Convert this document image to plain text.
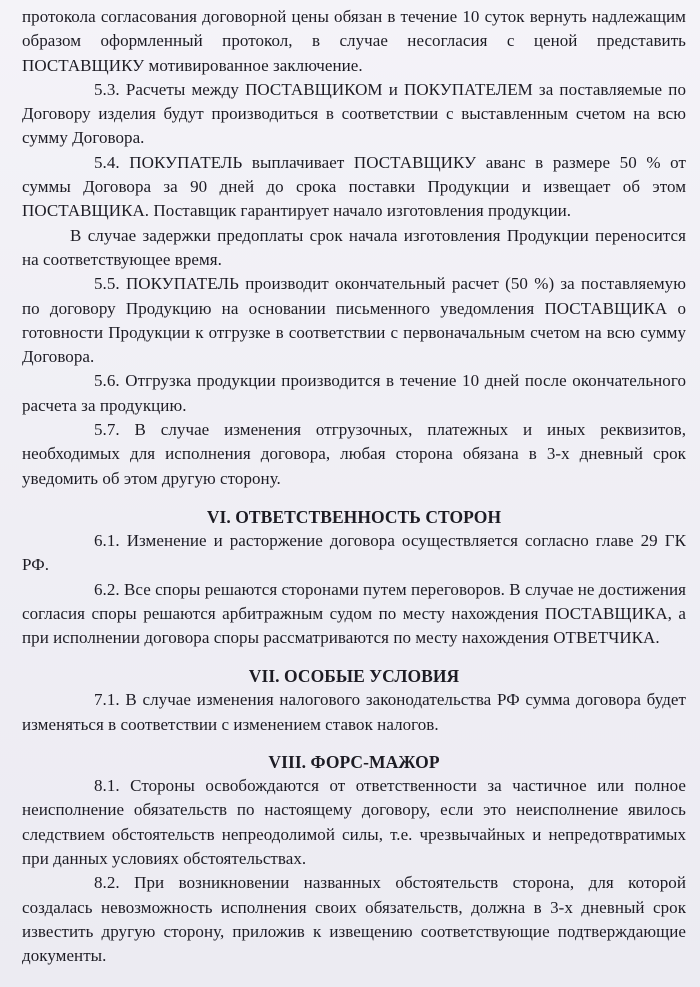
протокола согласования договорной цены обязан в течение 10 суток вернуть надлежащим образом оформленный протокол, в случае несогласия с ценой представить ПОСТАВЩИКУ мотивированное заключение.

5.3. Расчеты между ПОСТАВЩИКОМ и ПОКУПАТЕЛЕМ за поставляемые по Договору изделия будут производиться в соответствии с выставленным счетом на всю сумму Договора.

5.4. ПОКУПАТЕЛЬ выплачивает ПОСТАВЩИКУ аванс в размере 50 % от суммы Договора за 90 дней до срока поставки Продукции и извещает об этом ПОСТАВЩИКА. Поставщик гарантирует начало изготовления продукции.

В случае задержки предоплаты срок начала изготовления Продукции переносится на соответствующее время.

5.5. ПОКУПАТЕЛЬ производит окончательный расчет (50 %) за поставляемую по договору Продукцию на основании письменного уведомления ПОСТАВЩИКА о готовности Продукции к отгрузке в соответствии с первоначальным счетом на всю сумму Договора.

5.6. Отгрузка продукции производится в течение 10 дней после окончательного расчета за продукцию.

5.7. В случае изменения отгрузочных, платежных и иных реквизитов, необходимых для исполнения договора, любая сторона обязана в 3-х дневный срок уведомить об этом другую сторону.

VI. ОТВЕТСТВЕННОСТЬ СТОРОН

6.1. Изменение и расторжение договора осуществляется согласно главе 29 ГК РФ.

6.2. Все споры решаются сторонами путем переговоров. В случае не достижения согласия споры решаются арбитражным судом по месту нахождения ПОСТАВЩИКА, а при исполнении договора споры рассматриваются по месту нахождения ОТВЕТЧИКА.

VII. ОСОБЫЕ УСЛОВИЯ

7.1. В случае изменения налогового законодательства РФ сумма договора будет изменяться в соответствии с изменением ставок налогов.

VIII. ФОРС-МАЖОР

8.1. Стороны освобождаются от ответственности за частичное или полное неисполнение обязательств по настоящему договору, если это неисполнение явилось следствием обстоятельств непреодолимой силы, т.е. чрезвычайных и непредотвратимых при данных условиях обстоятельствах.

8.2. При возникновении названных обстоятельств сторона, для которой создалась невозможность исполнения своих обязательств, должна в 3-х дневный срок известить другую сторону, приложив к извещению соответствующие подтверждающие документы.
